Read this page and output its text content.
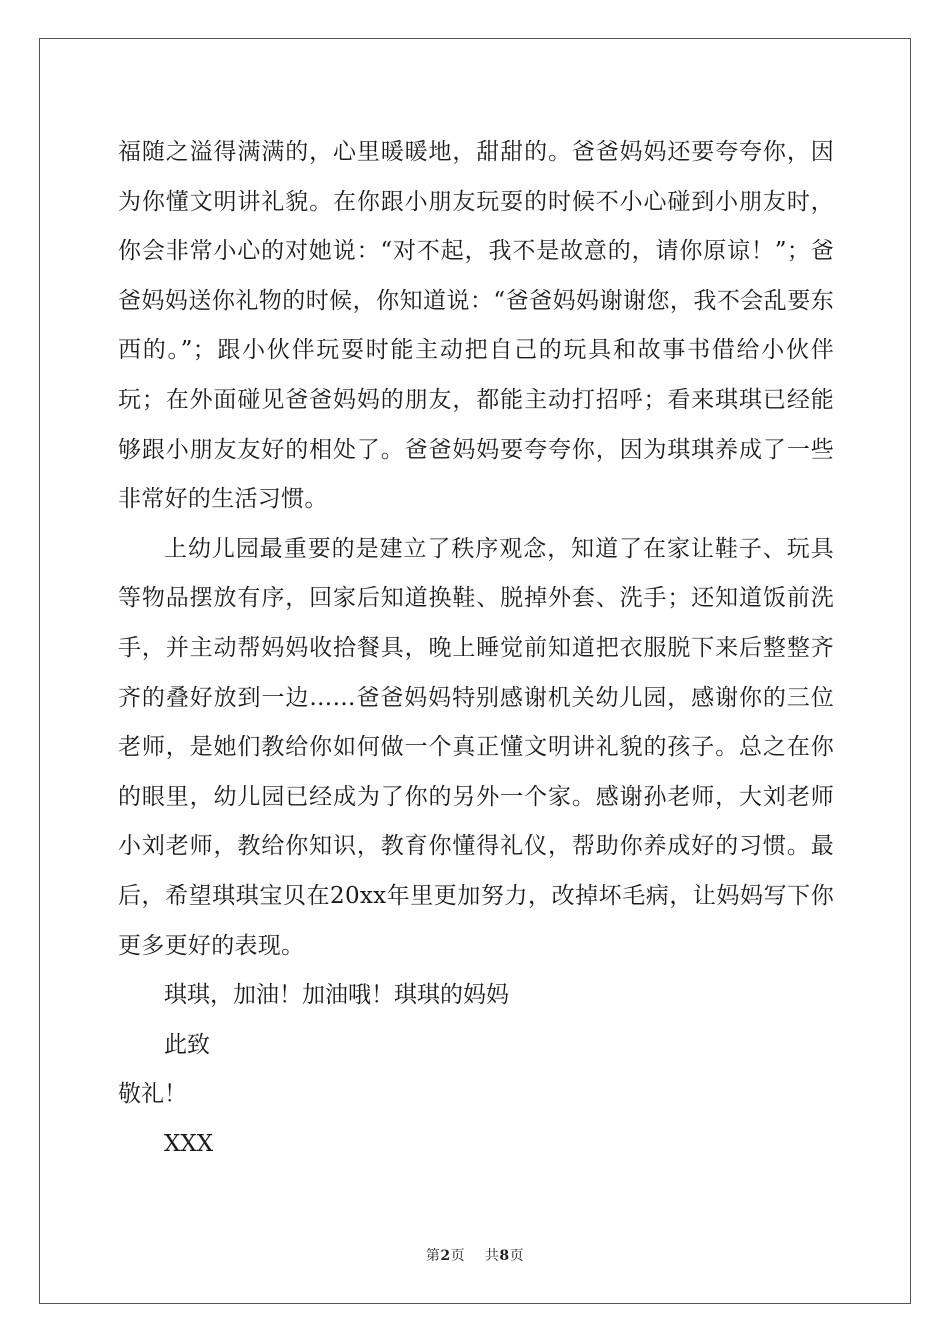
福随之溢得满满的，心里暖暖地，甜甜的。爸爸妈妈还要夸夸你，因为你懂文明讲礼貌。在你跟小朋友玩耍的时候不小心碰到小朋友时，你会非常小心的对她说：“对不起，我不是故意的，请你原谅！”；爸爸妈妈送你礼物的时候，你知道说：“爸爸妈妈谢谢您，我不会乱要东西的。”；跟小伙伴玩耍时能主动把自己的玩具和故事书借给小伙伴玩；在外面碰见爸爸妈妈的朋友，都能主动打招呼；看来琪琪已经能够跟小朋友友好的相处了。爸爸妈妈要夸夸你，因为琪琪养成了一些非常好的生活习惯。

上幼儿园最重要的是建立了秩序观念，知道了在家让鞋子、玩具等物品摆放有序，回家后知道换鞋、脱掉外套、洗手；还知道饭前洗手，并主动帮妈妈收拾餐具，晚上睡觉前知道把衣服脱下来后整整齐齐的叠好放到一边……爸爸妈妈特别感谢机关幼儿园，感谢你的三位老师，是她们教给你如何做一个真正懂文明讲礼貌的孩子。总之在你的眼里，幼儿园已经成为了你的另外一个家。感谢孙老师，大刘老师小刘老师，教给你知识，教育你懂得礼仪，帮助你养成好的习惯。最后，希望琪琪宝贝在20xx年里更加努力，改掉坏毛病，让妈妈写下你更多更好的表现。

琪琪，加油！加油哦！琪琪的妈妈

此致

敬礼！

XXX

第2页 共8页
